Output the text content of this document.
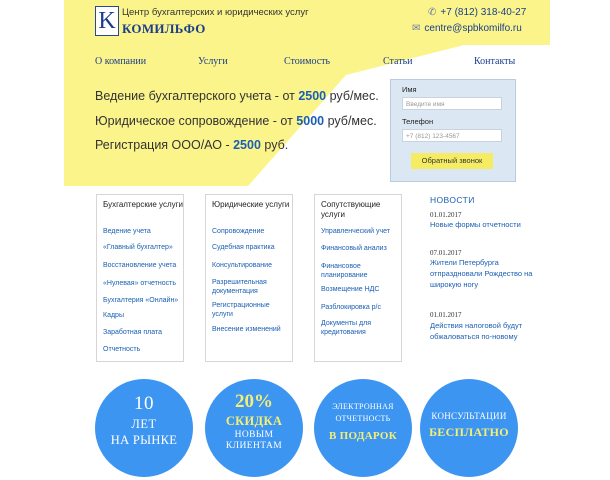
K Центр бухгалтерских и юридических услуг
КОМИЛЬФО
✆ +7 (812) 318-40-27
✉ centre@spbkomilfo.ru
О компании	Услуги	Стоимость	Статьи	Контакты
Ведение бухгалтерского учета - от 2500 руб/мес.
Юридическое сопровождение - от 5000 руб/мес.
Регистрация ООО/АО - 2500 руб.
Имя
Введите имя
Телефон
+7 (812) 123-4567
Обратный звонок
Бухгалтерские услуги
Ведение учета
«Главный бухгалтер»
Восстановление учета
«Нулевая» отчетность
Бухгалтерия «Онлайн»
Кадры
Заработная плата
Отчетность
Юридические услуги
Сопровождение
Судебная практика
Консультирование
Разрешительная документация
Регистрационные услуги
Внесение изменений
Сопутствующие услуги
Управленческий учет
Финансовый анализ
Финансовое планирование
Возмещение НДС
Разблокировка р/с
Документы для кредитования
НОВОСТИ
01.01.2017
Новые формы отчетности
07.01.2017
Жители Петербурга отпраздновали Рождество на широкую ногу
01.01.2017
Действия налоговой будут обжаловаться по-новому
10
ЛЕТ
НА РЫНКЕ
20%
СКИДКА
НОВЫМ
КЛИЕНТАМ
ЭЛЕКТРОННАЯ
ОТЧЕТНОСТЬ
В ПОДАРОК
КОНСУЛЬТАЦИИ
БЕСПЛАТНО
